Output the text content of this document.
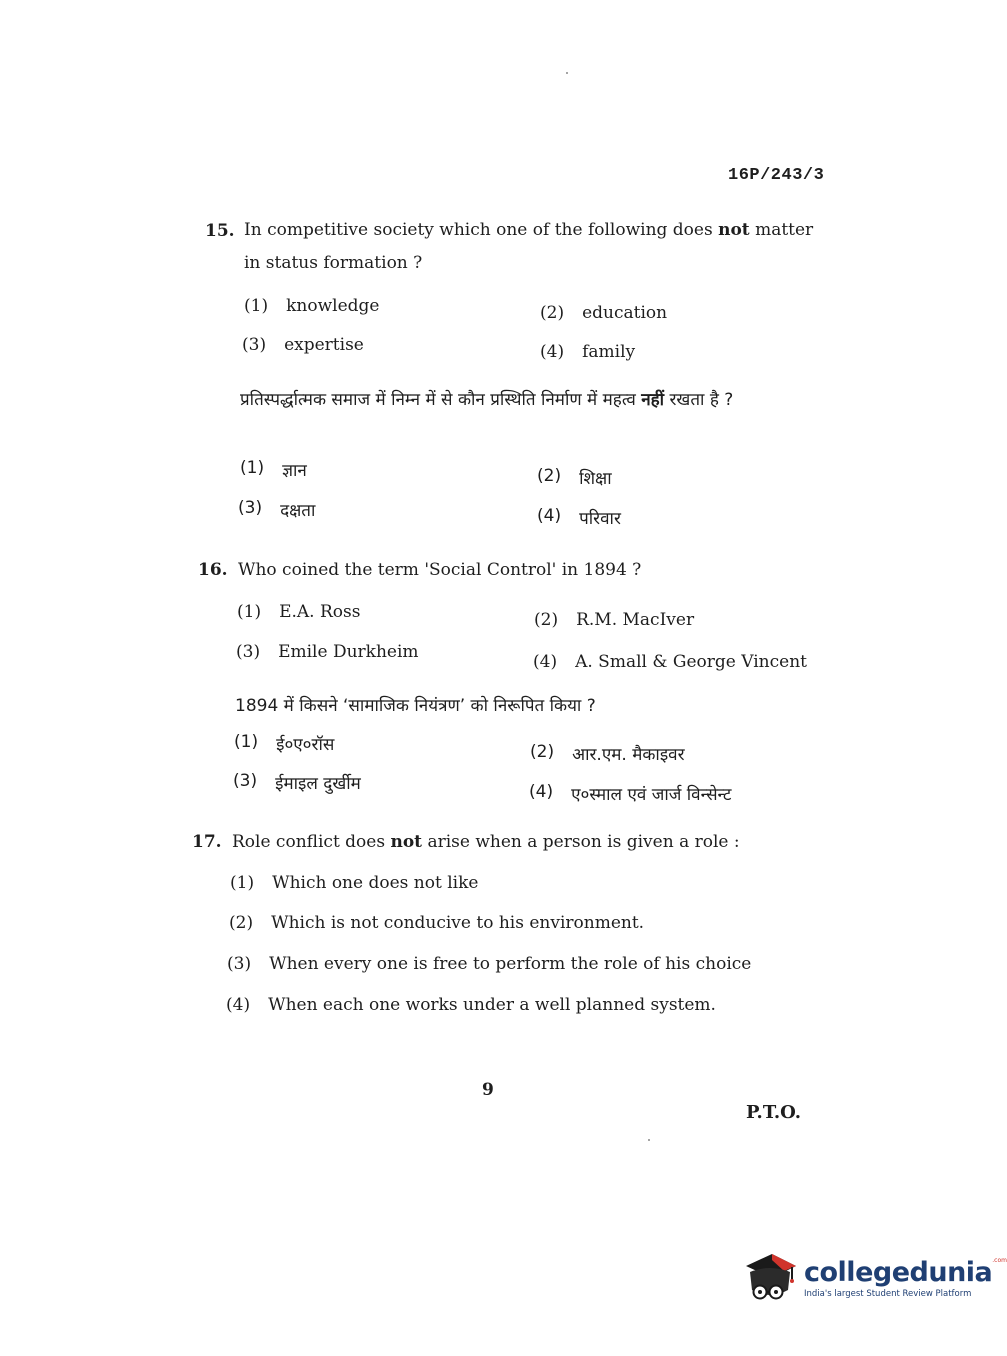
16P/243/3
15. In competitive society which one of the following does not matter in status formation ?
(1) knowledge	(2) education
(3) expertise	(4) family
प्रतिस्पर्द्धात्मक समाज में निम्न में से कौन प्रस्थिति निर्माण में महत्व नहीं रखता है ?
(1) ज्ञान	(2) शिक्षा
(3) दक्षता	(4) परिवार
16. Who coined the term 'Social Control' in 1894 ?
(1) E.A. Ross	(2) R.M. MacIver
(3) Emile Durkheim	(4) A. Small & George Vincent
1894 में किसने ‘सामाजिक नियंत्रण’ को निरूपित किया ?
(1) ई०ए०रॉस	(2) आर.एम. मैकाइवर
(3) ईमाइल दुर्खीम	(4) ए०स्माल एवं जार्ज विन्सेन्ट
17. Role conflict does not arise when a person is given a role :
(1) Which one does not like
(2) Which is not conducive to his environment.
(3) When every one is free to perform the role of his choice
(4) When each one works under a well planned system.
9
P.T.O.
collegedunia$^{.com}$
India's largest Student Review Platform
